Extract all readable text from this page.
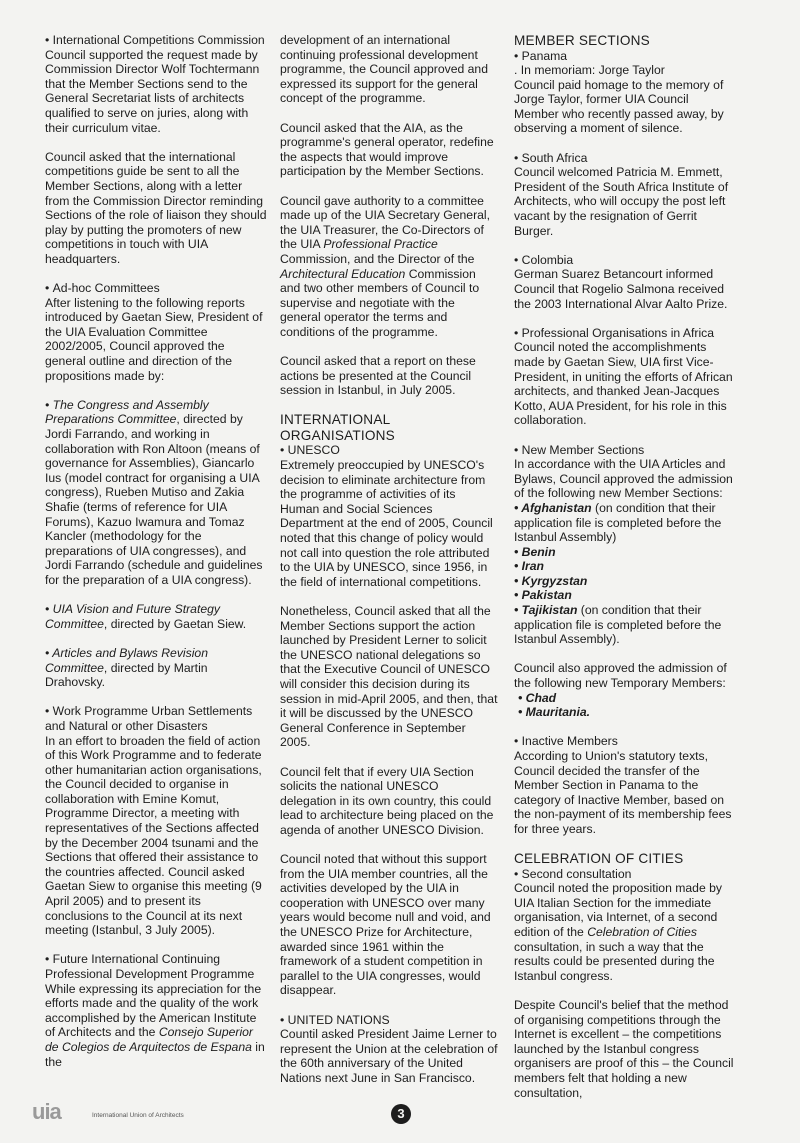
• International Competitions Commission

Council supported the request made by Commission Director Wolf Tochtermann that the Member Sections send to the General Secretariat lists of architects qualified to serve on juries, along with their curriculum vitae.

Council asked that the international competitions guide be sent to all the Member Sections, along with a letter from the Commission Director reminding Sections of the role of liaison they should play by putting the promoters of new competitions in touch with UIA headquarters.

• Ad-hoc Committees

After listening to the following reports introduced by Gaetan Siew, President of the UIA Evaluation Committee 2002/2005, Council approved the general outline and direction of the propositions made by:

• The Congress and Assembly Preparations Committee, directed by Jordi Farrando, and working in collaboration with Ron Altoon (means of governance for Assemblies), Giancarlo Ius (model contract for organising a UIA congress), Rueben Mutiso and Zakia Shafie (terms of reference for UIA Forums), Kazuo Iwamura and Tomaz Kancler (methodology for the preparations of UIA congresses), and Jordi Farrando (schedule and guidelines for the preparation of a UIA congress).

• UIA Vision and Future Strategy Committee, directed by Gaetan Siew.

• Articles and Bylaws Revision Committee, directed by Martin Drahovsky.

• Work Programme Urban Settlements and Natural or other Disasters

In an effort to broaden the field of action of this Work Programme and to federate other humanitarian action organisations, the Council decided to organise in collaboration with Emine Komut, Programme Director, a meeting with representatives of the Sections affected by the December 2004 tsunami and the Sections that offered their assistance to the countries affected. Council asked Gaetan Siew to organise this meeting (9 April 2005) and to present its conclusions to the Council at its next meeting (Istanbul, 3 July 2005).

• Future International Continuing Professional Development Programme

While expressing its appreciation for the efforts made and the quality of the work accomplished by the American Institute of Architects and the Consejo Superior de Colegios de Arquitectos de Espana in the

development of an international continuing professional development programme, the Council approved and expressed its support for the general concept of the programme.

Council asked that the AIA, as the programme's general operator, redefine the aspects that would improve participation by the Member Sections.

Council gave authority to a committee made up of the UIA Secretary General, the UIA Treasurer, the Co-Directors of the UIA Professional Practice Commission, and the Director of the Architectural Education Commission and two other members of Council to supervise and negotiate with the general operator the terms and conditions of the programme.

Council asked that a report on these actions be presented at the Council session in Istanbul, in July 2005.

INTERNATIONAL ORGANISATIONS
• UNESCO

Extremely preoccupied by UNESCO's decision to eliminate architecture from the programme of activities of its Human and Social Sciences Department at the end of 2005, Council noted that this change of policy would not call into question the role attributed to the UIA by UNESCO, since 1956, in the field of international competitions.

Nonetheless, Council asked that all the Member Sections support the action launched by President Lerner to solicit the UNESCO national delegations so that the Executive Council of UNESCO will consider this decision during its session in mid-April 2005, and then, that it will be discussed by the UNESCO General Conference in September 2005.

Council felt that if every UIA Section solicits the national UNESCO delegation in its own country, this could lead to architecture being placed on the agenda of another UNESCO Division.

Council noted that without this support from the UIA member countries, all the activities developed by the UIA in cooperation with UNESCO over many years would become null and void, and the UNESCO Prize for Architecture, awarded since 1961 within the framework of a student competition in parallel to the UIA congresses, would disappear.

• UNITED NATIONS

Countil asked President Jaime Lerner to represent the Union at the celebration of the 60th anniversary of the United Nations next June in San Francisco.

MEMBER SECTIONS
• Panama
. In memoriam: Jorge Taylor

Council paid homage to the memory of Jorge Taylor, former UIA Council Member who recently passed away, by observing a moment of silence.

• South Africa

Council welcomed Patricia M. Emmett, President of the South Africa Institute of Architects, who will occupy the post left vacant by the resignation of Gerrit Burger.

• Colombia

German Suarez Betancourt informed Council that Rogelio Salmona received the 2003 International Alvar Aalto Prize.

• Professional Organisations in Africa

Council noted the accomplishments made by Gaetan Siew, UIA first Vice-President, in uniting the efforts of African architects, and thanked Jean-Jacques Kotto, AUA President, for his role in this collaboration.

• New Member Sections

In accordance with the UIA Articles and Bylaws, Council approved the admission of the following new Member Sections:
• Afghanistan (on condition that their application file is completed before the Istanbul Assembly)
• Benin
• Iran
• Kyrgyzstan
• Pakistan
• Tajikistan (on condition that their application file is completed before the Istanbul Assembly).

Council also approved the admission of the following new Temporary Members:
• Chad
• Mauritania.

• Inactive Members

According to Union's statutory texts, Council decided the transfer of the Member Section in Panama to the category of Inactive Member, based on the non-payment of its membership fees for three years.

CELEBRATION OF CITIES
• Second consultation

Council noted the proposition made by UIA Italian Section for the immediate organisation, via Internet, of a second edition of the Celebration of Cities consultation, in such a way that the results could be presented during the Istanbul congress.

Despite Council's belief that the method of organising competitions through the Internet is excellent – the competitions launched by the Istanbul congress organisers are proof of this – the Council members felt that holding a new consultation,

uia	International Union of Architects	3
